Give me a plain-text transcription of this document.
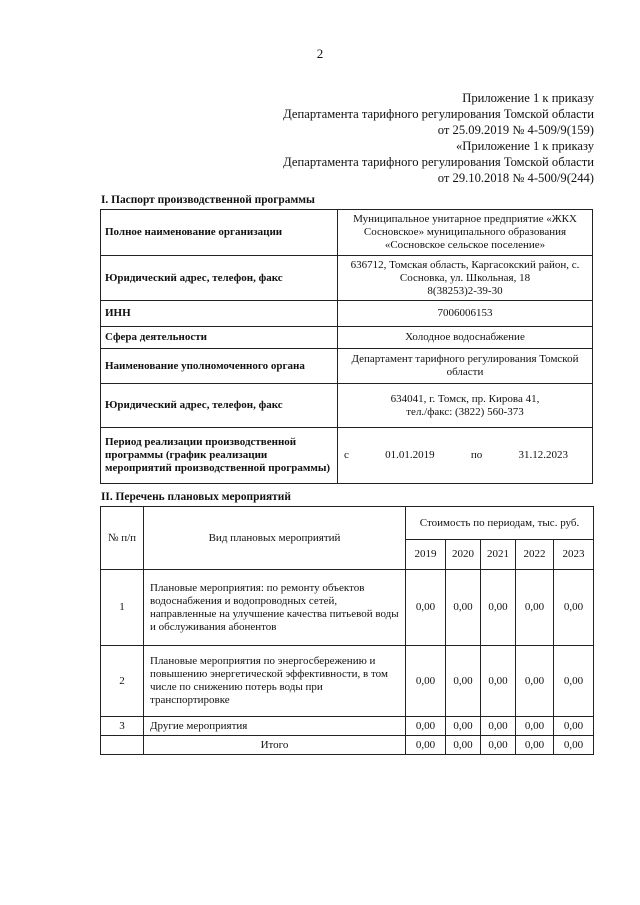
2
Приложение 1 к приказу
Департамента тарифного регулирования Томской области
от 25.09.2019 № 4-509/9(159)
«Приложение 1 к приказу
Департамента тарифного регулирования Томской области
от 29.10.2018 № 4-500/9(244)
I. Паспорт производственной программы
Полное наименование организации	Муниципальное унитарное предприятие «ЖКХ
Сосновское» муниципального образования
«Сосновское сельское поселение»

Юридический адрес, телефон, факс	636712, Томская область, Каргасокский район, с.
Сосновка, ул. Школьная, 18
8(38253)2-39-30

ИНН	7006006153

Сфера деятельности	Холодное водоснабжение

Наименование уполномоченного органа	Департамент тарифного регулирования Томской
области

Юридический адрес, телефон, факс	634041, г. Томск, пр. Кирова 41,
тел./факс: (3822) 560-373

Период реализации производственной программы (график реализации мероприятий производственной программы)	с 01.01.2019 по 31.12.2023
II. Перечень плановых мероприятий
№ п/п	Вид плановых мероприятий	Стоимость по периодам, тыс. руб.				
		2019	2020	2021	2022	2023
1	Плановые мероприятия: по ремонту объектов водоснабжения и водопроводных сетей, направленные на улучшение качества питьевой воды и обслуживания абонентов	0,00	0,00	0,00	0,00	0,00
2	Плановые мероприятия по энергосбережению и повышению энергетической эффективности, в том числе по снижению потерь воды при транспортировке	0,00	0,00	0,00	0,00	0,00
3	Другие мероприятия	0,00	0,00	0,00	0,00	0,00
	Итого	0,00	0,00	0,00	0,00	0,00
